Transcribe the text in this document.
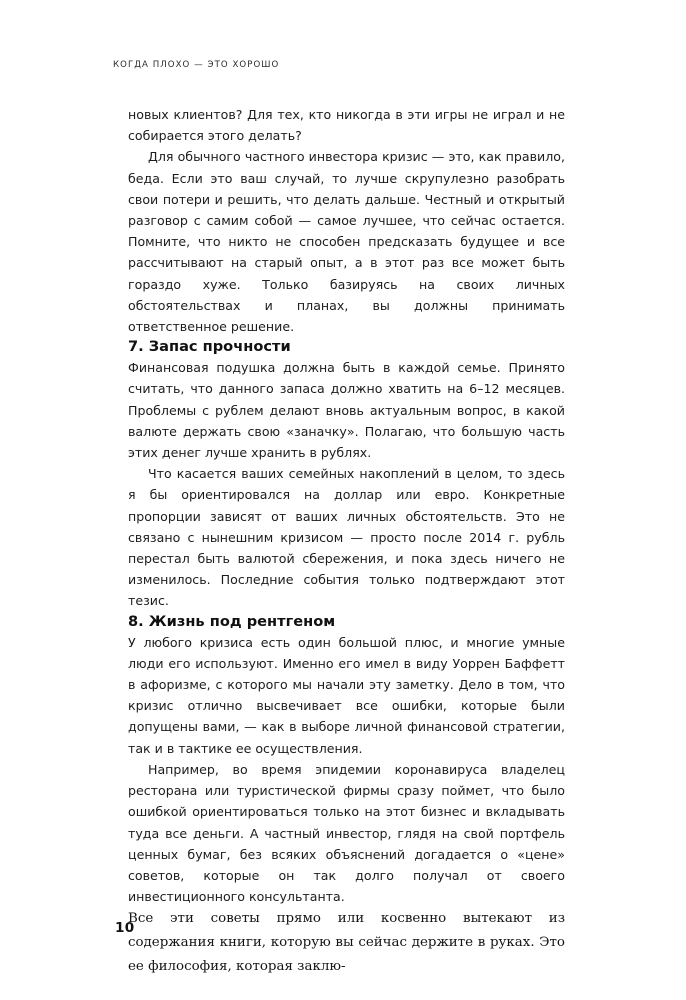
КОГДА ПЛОХО — ЭТО ХОРОШО

новых клиентов? Для тех, кто никогда в эти игры не играл и не собирается этого делать?

Для обычного частного инвестора кризис — это, как правило, беда. Если это ваш случай, то лучше скрупулезно разобрать свои потери и решить, что делать дальше. Честный и открытый разговор с самим собой — самое лучшее, что сейчас остается. Помните, что никто не способен предсказать будущее и все рассчитывают на старый опыт, а в этот раз все может быть гораздо хуже. Только базируясь на своих личных обстоятельствах и планах, вы должны принимать ответственное решение.

7. Запас прочности

Финансовая подушка должна быть в каждой семье. Принято считать, что данного запаса должно хватить на 6–12 месяцев. Проблемы с рублем делают вновь актуальным вопрос, в какой валюте держать свою «заначку». Полагаю, что большую часть этих денег лучше хранить в рублях.

Что касается ваших семейных накоплений в целом, то здесь я бы ориентировался на доллар или евро. Конкретные пропорции зависят от ваших личных обстоятельств. Это не связано с нынешним кризисом — просто после 2014 г. рубль перестал быть валютой сбережения, и пока здесь ничего не изменилось. Последние события только подтверждают этот тезис.

8. Жизнь под рентгеном

У любого кризиса есть один большой плюс, и многие умные люди его используют. Именно его имел в виду Уоррен Баффетт в афоризме, с которого мы начали эту заметку. Дело в том, что кризис отлично высвечивает все ошибки, которые были допущены вами, — как в выборе личной финансовой стратегии, так и в тактике ее осуществления.

Например, во время эпидемии коронавируса владелец ресторана или туристической фирмы сразу поймет, что было ошибкой ориентироваться только на этот бизнес и вкладывать туда все деньги. А частный инвестор, глядя на свой портфель ценных бумаг, без всяких объяснений догадается о «цене» советов, которые он так долго получал от своего инвестиционного консультанта.

Все эти советы прямо или косвенно вытекают из содержания книги, которую вы сейчас держите в руках. Это ее философия, которая заклю-

10
